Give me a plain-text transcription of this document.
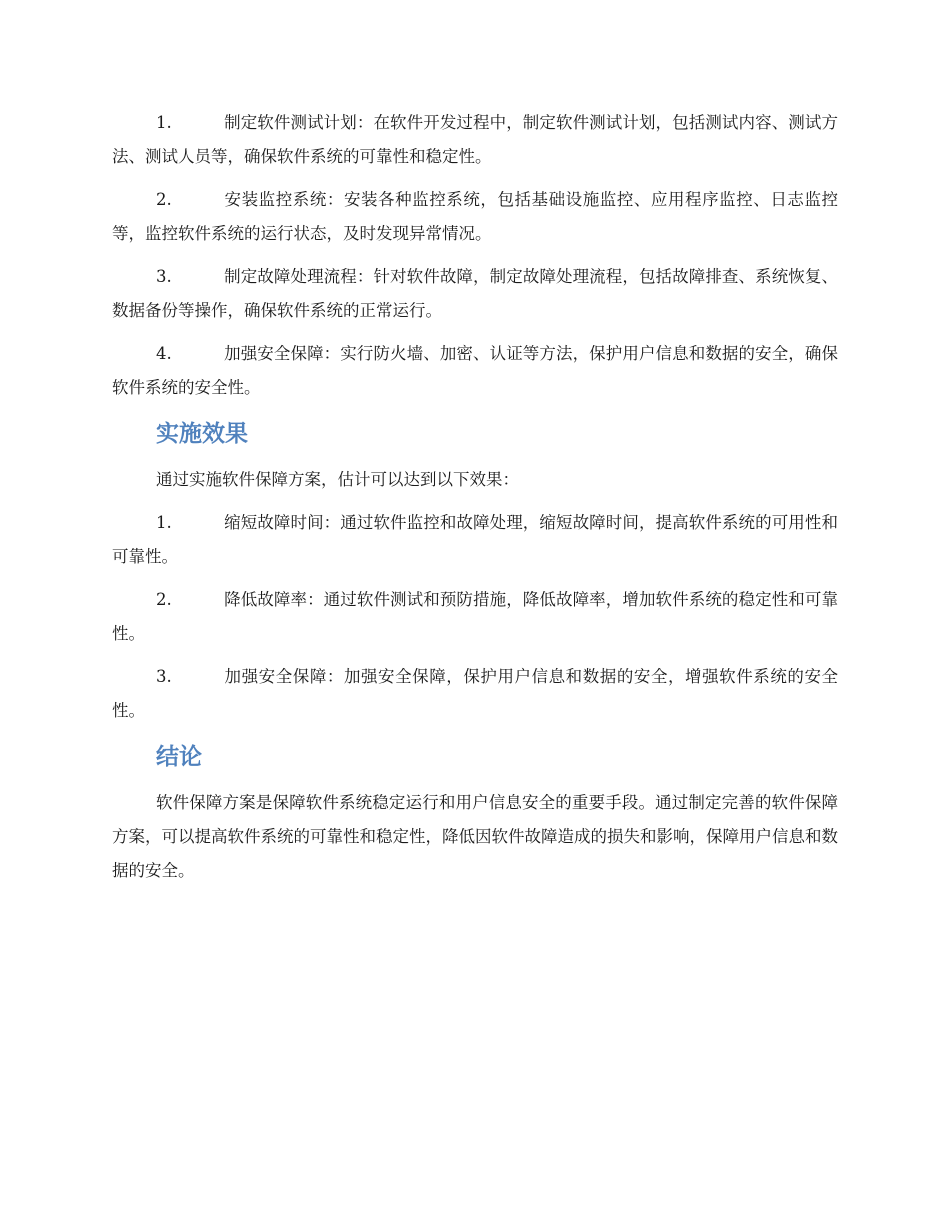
1.	制定软件测试计划：在软件开发过程中，制定软件测试计划，包括测试内容、测试方法、测试人员等，确保软件系统的可靠性和稳定性。
2.	安装监控系统：安装各种监控系统，包括基础设施监控、应用程序监控、日志监控等，监控软件系统的运行状态，及时发现异常情况。
3.	制定故障处理流程：针对软件故障，制定故障处理流程，包括故障排查、系统恢复、数据备份等操作，确保软件系统的正常运行。
4.	加强安全保障：实行防火墙、加密、认证等方法，保护用户信息和数据的安全，确保软件系统的安全性。
实施效果
通过实施软件保障方案，估计可以达到以下效果：
1.	缩短故障时间：通过软件监控和故障处理，缩短故障时间，提高软件系统的可用性和可靠性。
2.	降低故障率：通过软件测试和预防措施，降低故障率，增加软件系统的稳定性和可靠性。
3.	加强安全保障：加强安全保障，保护用户信息和数据的安全，增强软件系统的安全性。
结论
软件保障方案是保障软件系统稳定运行和用户信息安全的重要手段。通过制定完善的软件保障方案，可以提高软件系统的可靠性和稳定性，降低因软件故障造成的损失和影响，保障用户信息和数据的安全。
